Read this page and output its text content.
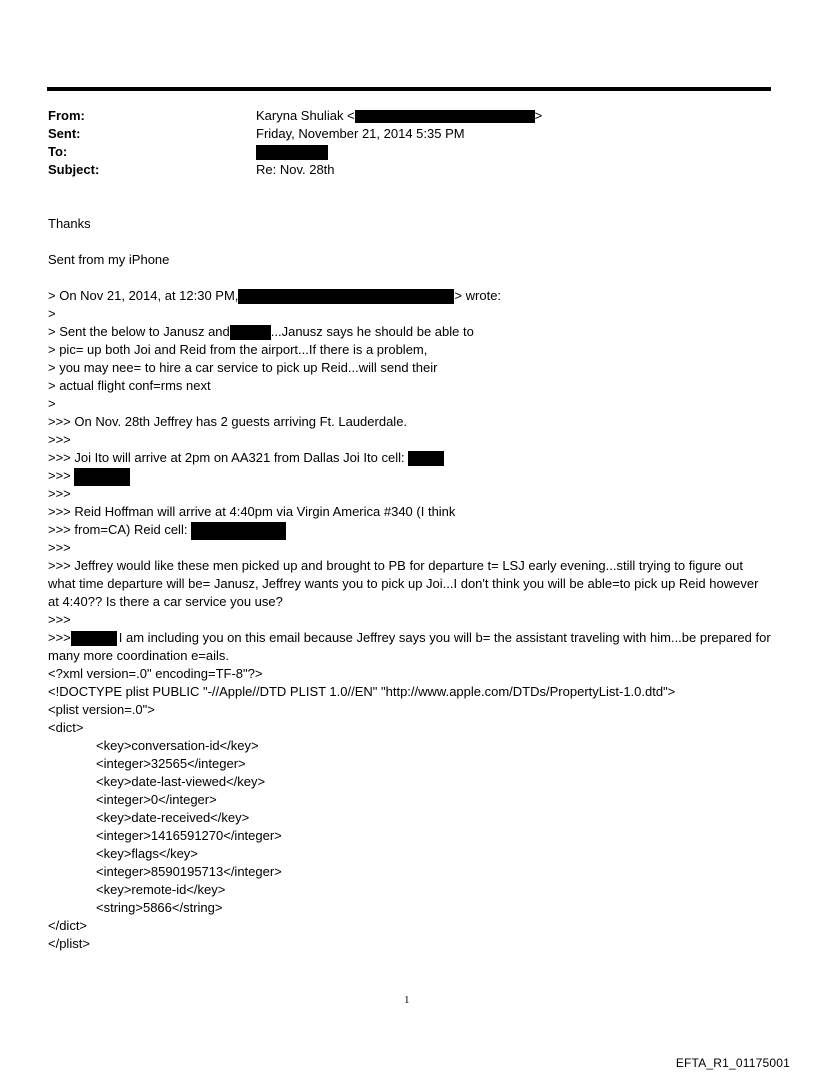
From:	Karyna Shuliak <	>
Sent:	Friday, November 21, 2014 5:35 PM
To:
Subject:	Re: Nov. 28th
Thanks
Sent from my iPhone
> On Nov 21, 2014, at 12:30 PM,	> wrote:
>
> Sent the below to Janusz and	...Janusz says he should be able to
> pic= up both Joi and Reid from the airport...If there is a problem,
> you may nee= to hire a car service to pick up Reid...will send their
> actual flight conf=rms next
>
>>> On Nov. 28th Jeffrey has 2 guests arriving Ft. Lauderdale.
>>>
>>> Joi Ito will arrive at 2pm on AA321 from Dallas Joi Ito cell:
>>>
>>>
>>> Reid Hoffman will arrive at 4:40pm via Virgin America #340 (I think
>>> from=CA) Reid cell:
>>>
>>> Jeffrey would like these men picked up and brought to PB for departure t= LSJ early evening...still trying to figure out what time departure will be= Janusz, Jeffrey wants you to pick up Joi...I don't think you will be able=to pick up Reid however at 4:40?? Is there a car service you use?
>>>
>>>	I am including you on this email because Jeffrey says you will b= the assistant traveling with him...be prepared for many more coordination e=ails.
<?xml version=.0" encoding=TF-8"?>
<!DOCTYPE plist PUBLIC "-//Apple//DTD PLIST 1.0//EN" "http://www.apple.com/DTDs/PropertyList-1.0.dtd">
<plist version=.0">
<dict>
<key>conversation-id</key>
<integer>32565</integer>
<key>date-last-viewed</key>
<integer>0</integer>
<key>date-received</key>
<integer>1416591270</integer>
<key>flags</key>
<integer>8590195713</integer>
<key>remote-id</key>
<string>5866</string>
</dict>
</plist>
1
EFTA_R1_01175001
